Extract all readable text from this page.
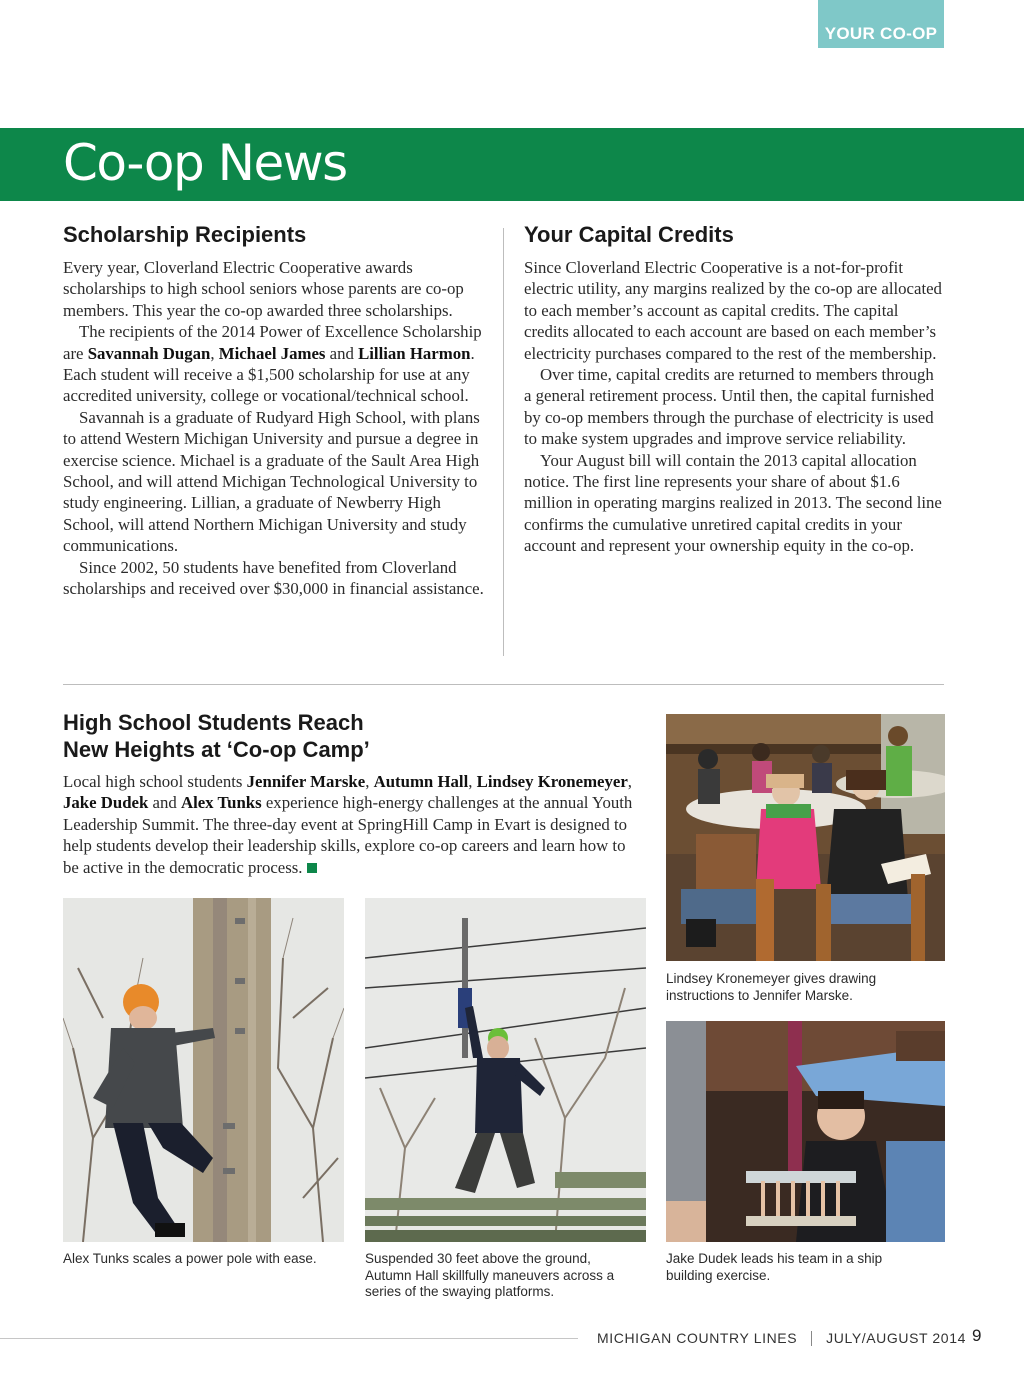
YOUR CO-OP
Co-op News
Scholarship Recipients

Every year, Cloverland Electric Cooperative awards scholarships to high school seniors whose parents are co-op members. This year the co-op awarded three scholarships.

The recipients of the 2014 Power of Excellence Scholarship are Savannah Dugan, Michael James and Lillian Harmon. Each student will receive a $1,500 scholarship for use at any accredited university, college or vocational/technical school.

Savannah is a graduate of Rudyard High School, with plans to attend Western Michigan University and pursue a degree in exercise science. Michael is a graduate of the Sault Area High School, and will attend Michigan Technological University to study engineering. Lillian, a graduate of Newberry High School, will attend Northern Michigan University and study communications.

Since 2002, 50 students have benefited from Cloverland scholarships and received over $30,000 in financial assistance.

Your Capital Credits

Since Cloverland Electric Cooperative is a not-for-profit electric utility, any margins realized by the co-op are allocated to each member’s account as capital credits. The capital credits allocated to each account are based on each member’s electricity purchases compared to the rest of the membership.

Over time, capital credits are returned to members through a general retirement process. Until then, the capital furnished by co-op members through the purchase of electricity is used to make system upgrades and improve service reliability.

Your August bill will contain the 2013 capital allocation notice. The first line represents your share of about $1.6 million in operating margins realized in 2013. The second line confirms the cumulative unretired capital credits in your account and represent your ownership equity in the co-op.

High School Students Reach
New Heights at ‘Co-op Camp’

Local high school students Jennifer Marske, Autumn Hall, Lindsey Kronemeyer, Jake Dudek and Alex Tunks experience high-energy challenges at the annual Youth Leadership Summit. The three-day event at SpringHill Camp in Evart is designed to help students develop their leadership skills, explore co-op careers and learn how to be active in the democratic process.

Lindsey Kronemeyer gives drawing instructions to Jennifer Marske.
Alex Tunks scales a power pole with ease.	Suspended 30 feet above the ground, Autumn Hall skillfully maneuvers across a series of the swaying platforms.
Jake Dudek leads his team in a ship building exercise.
MICHIGAN COUNTRY LINES JULY/AUGUST 2014 9
